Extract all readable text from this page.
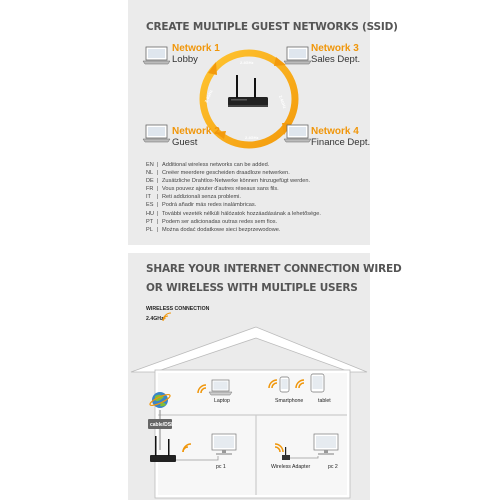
CREATE MULTIPLE GUEST NETWORKS (SSID)
2.4GHz
2.4GHz
2.4GHz
2.4GHz
Network 1
Lobby
Network 2
Guest
Network 3
Sales Dept.
Network 4
Finance Dept.
EN | Additional wireless networks can be added.
NL | Creëer meerdere gescheiden draadloze netwerken.
DE | Zusätzliche Drahtlos-Netwerke können hinzugefügt werden.
FR | Vous pouvez ajouter d'autres réseaux sans fils.
IT	| Reti addizionali senza problemi.
ES | Podrá añadir más redes inalámbricas.
HU | További vezeték nélküli hálózatok hozzáadásának a lehetősége.
PT | Podem ser adicionadas outras redes sem fios.
PL | Można dodać dodatkowe sieci bezprzewodowe.
SHARE YOUR INTERNET CONNECTION WIRED
OR WIRELESS WITH MULTIPLE USERS
WIRELESS CONNECTION
2.4GHz
cable/DSL
Laptop	Smartphone	tablet
pc 1	Wireless Adapter	pc 2
